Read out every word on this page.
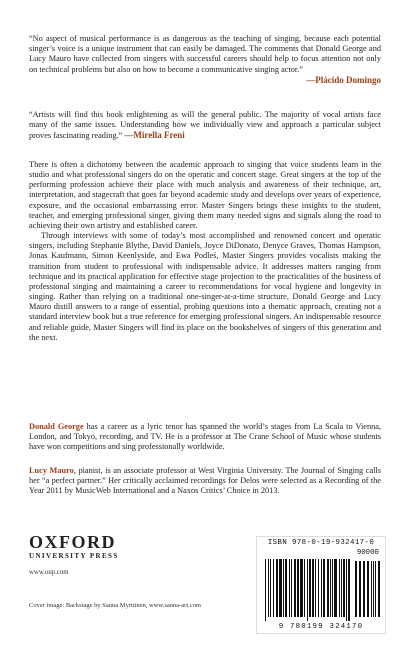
“No aspect of musical performance is as dangerous as the teaching of singing, because each potential singer’s voice is a unique instrument that can easily be damaged. The comments that Donald George and Lucy Mauro have collected from singers with successful careers should help to focus attention not only on technical problems but also on how to become a communicative singing actor.”

—Plácido Domingo

“Artists will find this book enlightening as will the general public. The majority of vocal artists face many of the same issues. Understanding how we individually view and approach a particular subject proves fascinating reading.” —Mirella Freni

There is often a dichotomy between the academic approach to singing that voice students learn in the studio and what professional singers do on the operatic and concert stage. Great singers at the top of the performing profession achieve their place with much analysis and awareness of their technique, art, interpretation, and stagecraft that goes far beyond academic study and develops over years of experience, exposure, and the occasional embarrassing error. Master Singers brings these insights to the student, teacher, and emerging professional singer, giving them many needed signs and signals along the road to achieving their own artistry and established career.

Through interviews with some of today’s most accomplished and renowned concert and operatic singers, including Stephanie Blythe, David Daniels, Joyce DiDonato, Denyce Graves, Thomas Hampson, Jonas Kaufmann, Simon Keenlyside, and Ewa Podleś, Master Singers provides vocalists making the transition from student to professional with indispensable advice. It addresses matters ranging from technique and its practical application for effective stage projection to the practicalities of the business of professional singing and maintaining a career to recommendations for vocal hygiene and longevity in singing. Rather than relying on a traditional one-singer-at-a-time structure, Donald George and Lucy Mauro distill answers to a range of essential, probing questions into a thematic approach, creating not a standard interview book but a true reference for emerging professional singers. An indispensable resource and reliable guide, Master Singers will find its place on the bookshelves of singers of this generation and the next.

Donald George has a career as a lyric tenor has spanned the world’s stages from La Scala to Vienna, London, and Tokyo, recording, and TV. He is a professor at The Crane School of Music whose students have won competitions and sing professionally worldwide.

Lucy Mauro, pianist, is an associate professor at West Virginia University. The Journal of Singing calls her “a perfect partner.” Her critically acclaimed recordings for Delos were selected as a Recording of the Year 2011 by MusicWeb International and a Naxos Critics’ Choice in 2013.

OXFORD
UNIVERSITY PRESS
www.oup.com
Cover image: Backstage by Sanna Myrttinen, www.sanna-art.com
ISBN 978-0-19-932417-0
90000
9 780199 324170
